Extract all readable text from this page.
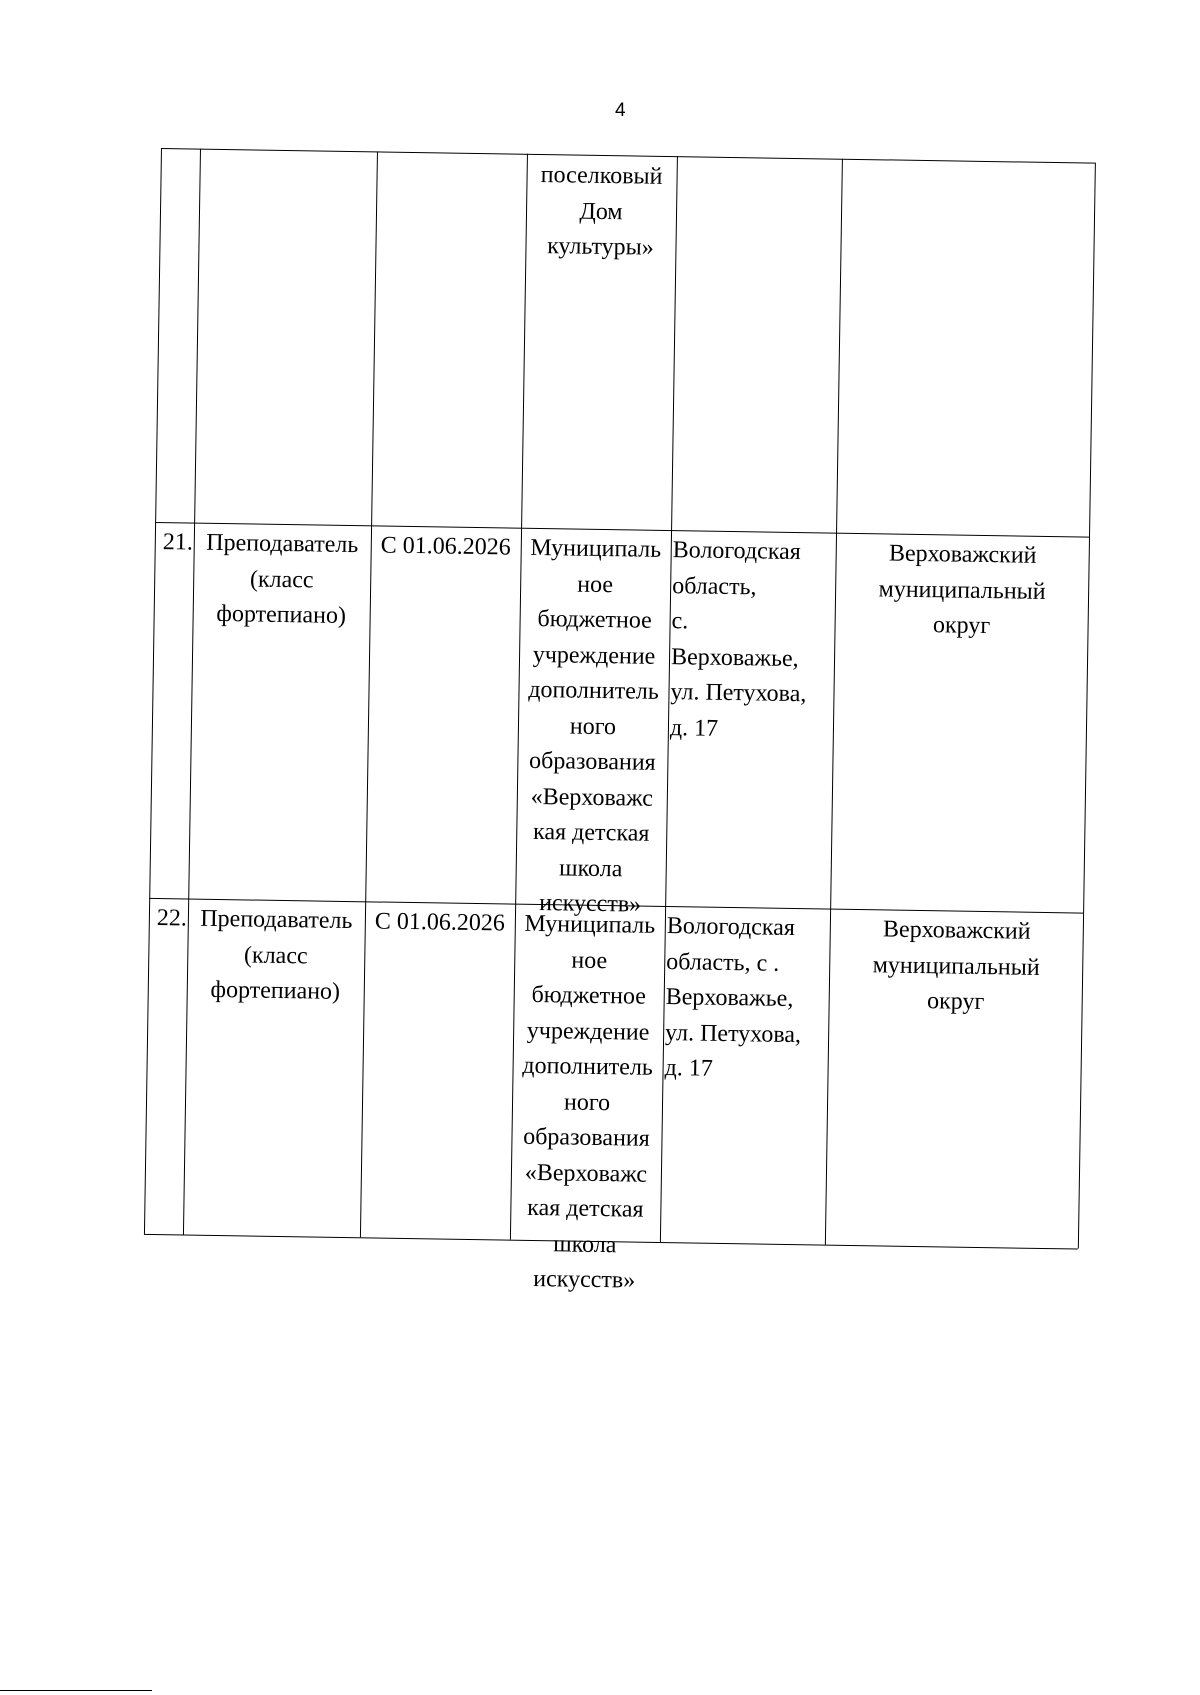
4
поселковый
Дом
культуры»
21. Преподаватель
(класс
фортепиано)
С 01.06.2026 Муниципаль
ное
бюджетное
учреждение
дополнитель
ного
образования
«Верховажс
кая детская
школа
искусств»
Вологодская
область,
с.
Верховажье,
ул. Петухова,
д. 17
Верховажский
муниципальный
округ
22. Преподаватель
(класс
фортепиано)
С 01.06.2026 Муниципаль
ное
бюджетное
учреждение
дополнитель
ного
образования
«Верховажс
кая детская
школа
искусств»
Вологодская
область, с .
Верховажье,
ул. Петухова,
д. 17
Верховажский
муниципальный
округ
